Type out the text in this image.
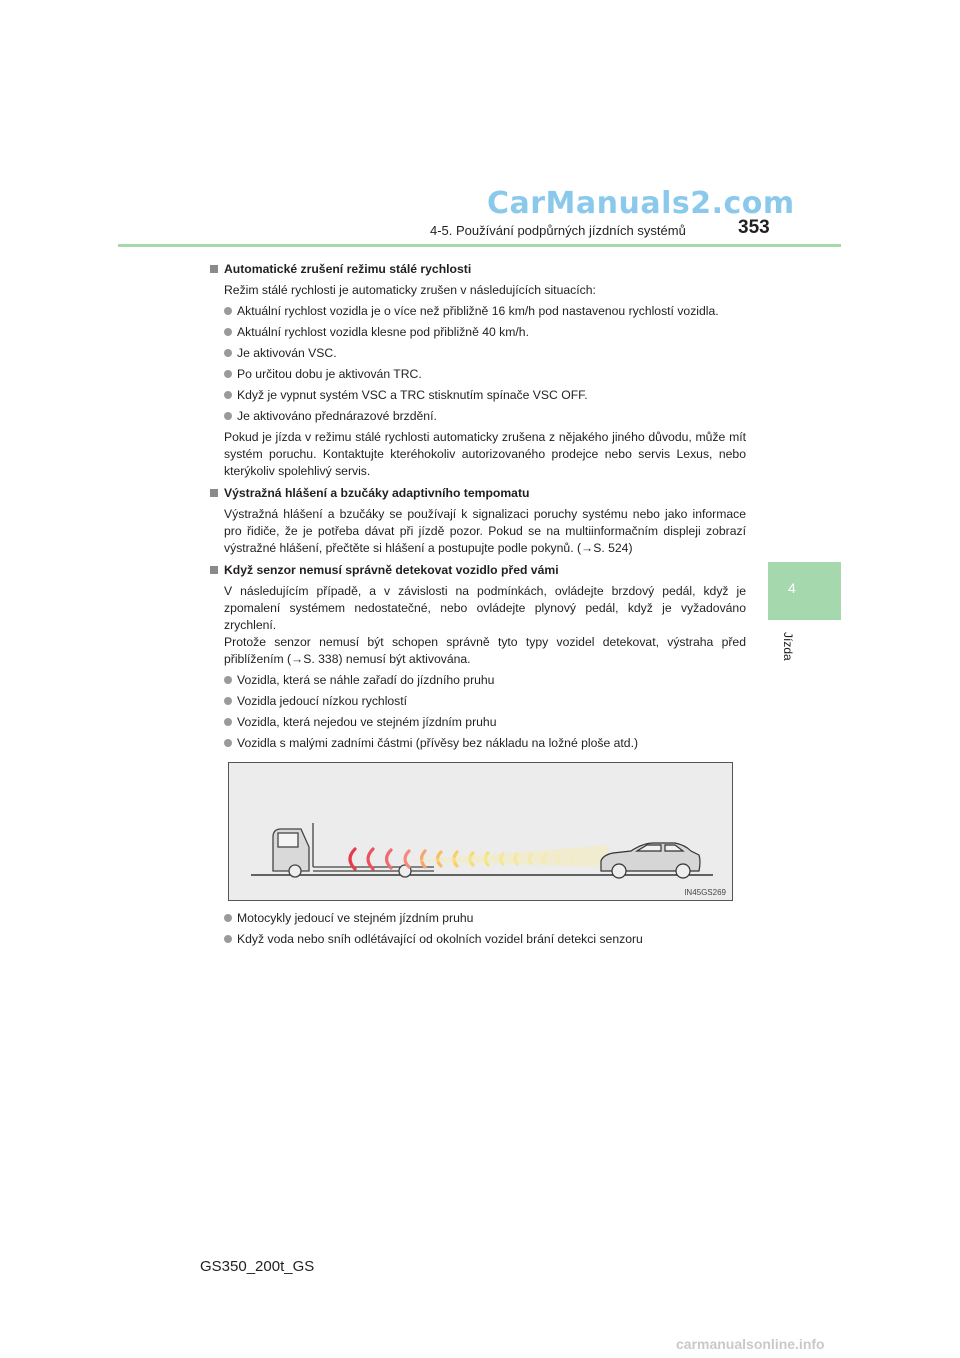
CarManuals2.com
4-5. Používání podpůrných jízdních systémů	353
4
Jízda
Automatické zrušení režimu stálé rychlosti
Režim stálé rychlosti je automaticky zrušen v následujících situacích:
Aktuální rychlost vozidla je o více než přibližně 16 km/h pod nastavenou rychlostí vozidla.
Aktuální rychlost vozidla klesne pod přibližně 40 km/h.
Je aktivován VSC.
Po určitou dobu je aktivován TRC.
Když je vypnut systém VSC a TRC stisknutím spínače VSC OFF.
Je aktivováno přednárazové brzdění.
Pokud je jízda v režimu stálé rychlosti automaticky zrušena z nějakého jiného důvodu, může mít systém poruchu. Kontaktujte kteréhokoliv autorizovaného prodejce nebo servis Lexus, nebo kterýkoliv spolehlivý servis.
Výstražná hlášení a bzučáky adaptivního tempomatu
Výstražná hlášení a bzučáky se používají k signalizaci poruchy systému nebo jako informace pro řidiče, že je potřeba dávat při jízdě pozor. Pokud se na multiinformačním displeji zobrazí výstražné hlášení, přečtěte si hlášení a postupujte podle pokynů. (→S. 524)
Když senzor nemusí správně detekovat vozidlo před vámi
V následujícím případě, a v závislosti na podmínkách, ovládejte brzdový pedál, když je zpomalení systémem nedostatečné, nebo ovládejte plynový pedál, když je vyžadováno zrychlení.
Protože senzor nemusí být schopen správně tyto typy vozidel detekovat, výstraha před přiblížením (→S. 338) nemusí být aktivována.
Vozidla, která se náhle zařadí do jízdního pruhu
Vozidla jedoucí nízkou rychlostí
Vozidla, která nejedou ve stejném jízdním pruhu
Vozidla s malými zadními částmi (přívěsy bez nákladu na ložné ploše atd.)
IN45GS269
Motocykly jedoucí ve stejném jízdním pruhu
Když voda nebo sníh odlétávající od okolních vozidel brání detekci senzoru
GS350_200t_GS
carmanualsonline.info
